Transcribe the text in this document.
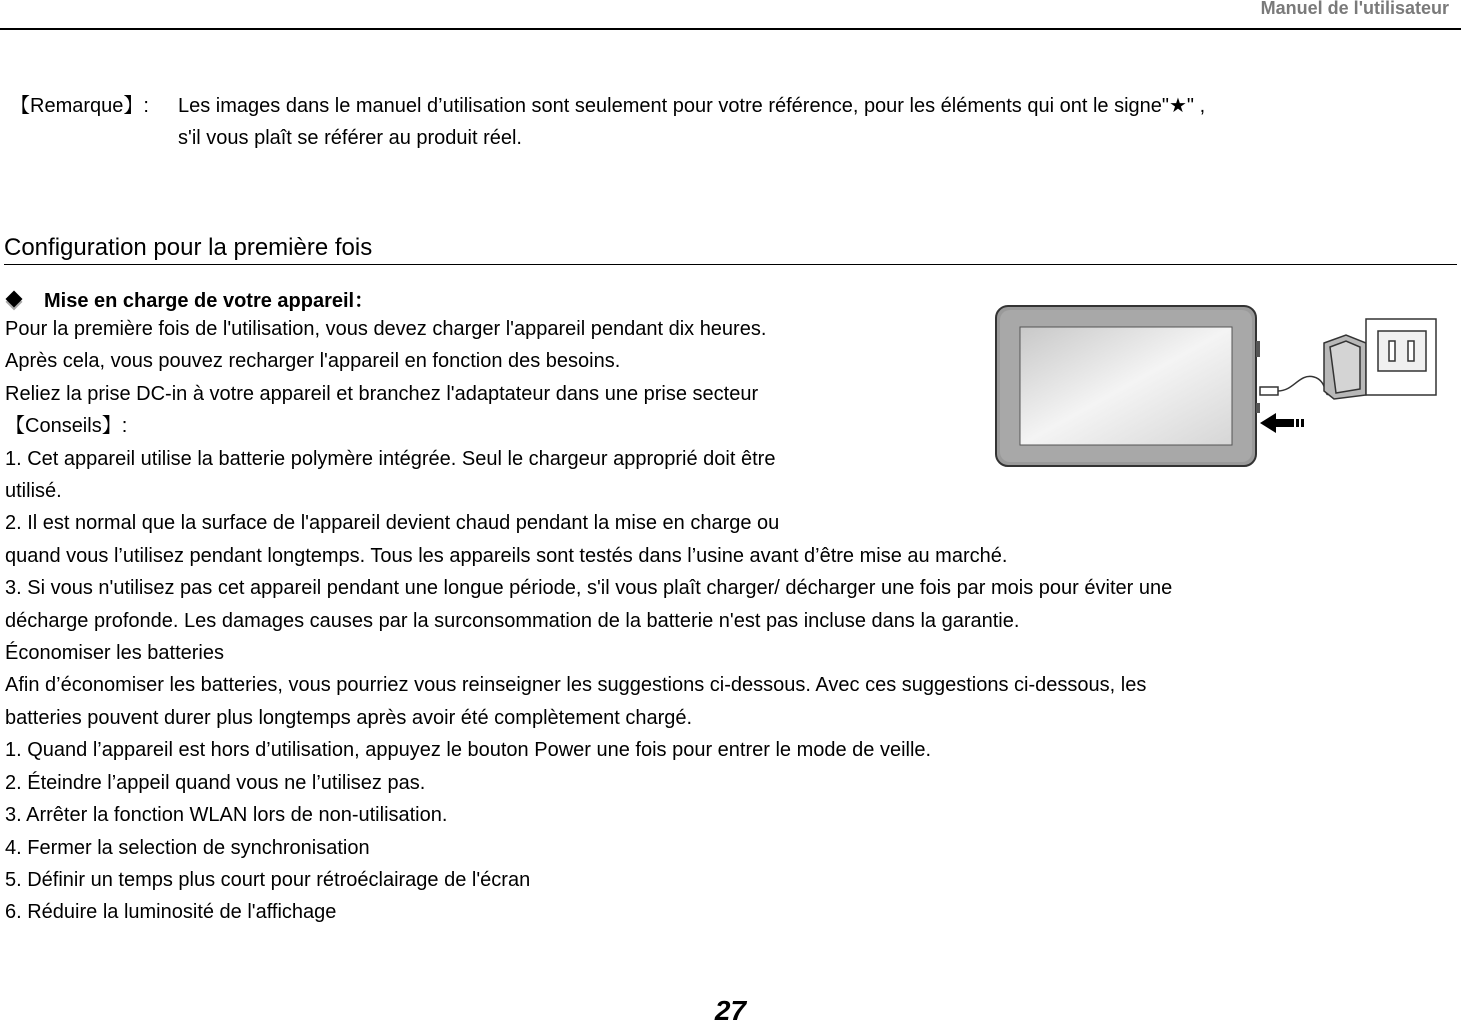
Manuel de l'utilisateur
【Remarque】:	Les images dans le manuel d’utilisation sont seulement pour votre référence, pour les éléments qui ont le signe"★" ,
s'il vous plaît se référer au produit réel.
Configuration pour la première fois
Mise en charge de votre appareil：
Pour la première fois de l'utilisation, vous devez charger l'appareil pendant dix heures.
Après cela, vous pouvez recharger l'appareil en fonction des besoins.
Reliez la prise DC-in à votre appareil et branchez l'adaptateur dans une prise secteur
【Conseils】:
1. Cet appareil utilise la batterie polymère intégrée. Seul le chargeur approprié doit être
utilisé.
2. Il est normal que la surface de l'appareil devient chaud pendant la mise en charge ou
quand vous l’utilisez pendant longtemps. Tous les appareils sont testés dans l’usine avant d’être mise au marché.
3. Si vous n'utilisez pas cet appareil pendant une longue période, s'il vous plaît charger/ décharger une fois par mois pour éviter une
décharge profonde. Les damages causes par la surconsommation de la batterie n'est pas incluse dans la garantie.
Économiser les batteries
Afin d’économiser les batteries, vous pourriez vous reinseigner les suggestions ci-dessous. Avec ces suggestions ci-dessous, les
batteries pouvent durer plus longtemps après avoir été complètement chargé.
1. Quand l’appareil est hors d’utilisation, appuyez le bouton Power une fois pour entrer le mode de veille.
2. Éteindre l’appeil quand vous ne l’utilisez pas.
3. Arrêter la fonction WLAN lors de non-utilisation.
4. Fermer la selection de synchronisation
5. Définir un temps plus court pour rétroéclairage de l'écran
6. Réduire la luminosité de l'affichage
27
